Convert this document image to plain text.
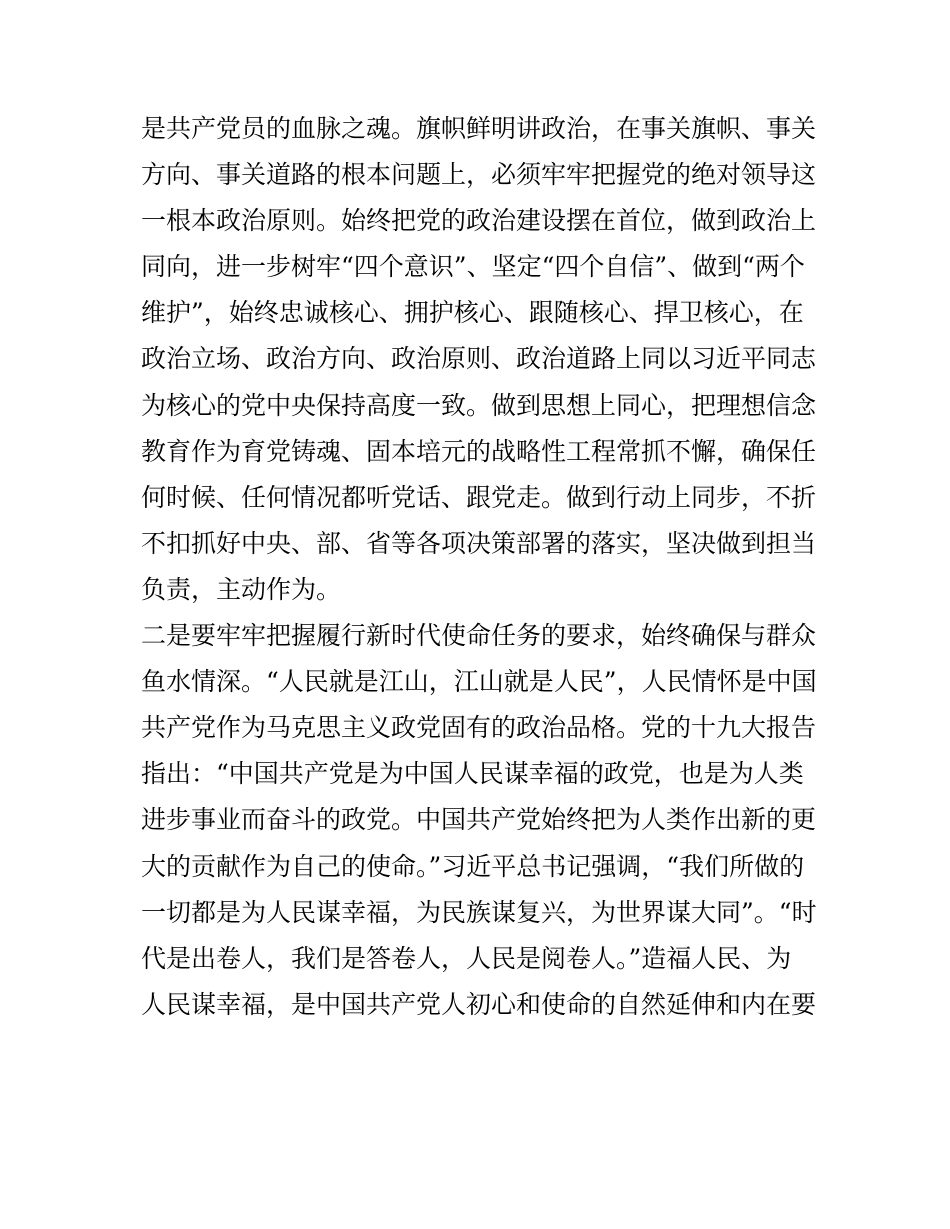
是共产党员的血脉之魂。旗帜鲜明讲政治，在事关旗帜、事关
方向、事关道路的根本问题上，必须牢牢把握党的绝对领导这
一根本政治原则。始终把党的政治建设摆在首位，做到政治上
同向，进一步树牢“四个意识”、坚定“四个自信”、做到“两个
维护”，始终忠诚核心、拥护核心、跟随核心、捍卫核心，在
政治立场、政治方向、政治原则、政治道路上同以习近平同志
为核心的党中央保持高度一致。做到思想上同心，把理想信念
教育作为育党铸魂、固本培元的战略性工程常抓不懈，确保任
何时候、任何情况都听党话、跟党走。做到行动上同步，不折
不扣抓好中央、部、省等各项决策部署的落实，坚决做到担当
负责，主动作为。
二是要牢牢把握履行新时代使命任务的要求，始终确保与群众
鱼水情深。“人民就是江山，江山就是人民”，人民情怀是中国
共产党作为马克思主义政党固有的政治品格。党的十九大报告
指出：“中国共产党是为中国人民谋幸福的政党，也是为人类
进步事业而奋斗的政党。中国共产党始终把为人类作出新的更
大的贡献作为自己的使命。”习近平总书记强调，“我们所做的
一切都是为人民谋幸福，为民族谋复兴，为世界谋大同”。“时
代是出卷人，我们是答卷人，人民是阅卷人。”造福人民、为
人民谋幸福，是中国共产党人初心和使命的自然延伸和内在要
